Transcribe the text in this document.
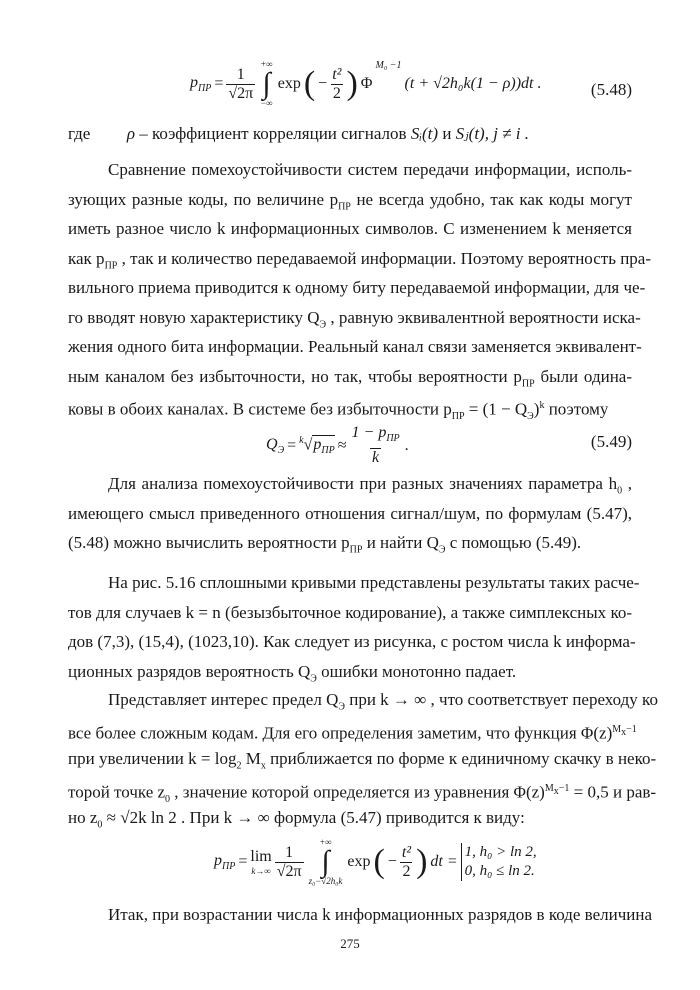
$p_{ПР} = \frac{1}{√2\pi}$
+∞
∫
−∞
exp ( − $\frac{\text{t²}}{2}$ ) Φ
M₀ −1
(t + √2h₀k(1 − ρ))dt .	(5.48)
где ρ – коэффициент корреляции сигналов Sᵢ(t) и Sⱼ(t), j ≠ i .
Сравнение помехоустойчивости систем передачи информации, исполь-
зующих разные коды, по величине $p_{ПР}$ не всегда удобно, так как коды могут
иметь разное число k информационных символов. С изменением k меняется
как $p_{ПР}$ , так и количество передаваемой информации. Поэтому вероятность пра-
вильного приема приводится к одному биту передаваемой информации, для че-
го вводят новую характеристику $Q_Э$ , равную эквивалентной вероятности иска-
жения одного бита информации. Реальный канал связи заменяется эквивалент-
ным каналом без избыточности, но так, чтобы вероятности $p_{ПР}$ были одина-
ковы в обоих каналах. В системе без избыточности $p_{ПР} = (1 - Q_Э)^k$ поэтому
$Q_Э = ^k√p_{ПР} \approx \frac{1 - p_{ПР}}{k}$ .	(5.49)
Для анализа помехоустойчивости при разных значениях параметра $h_0$ ,
имеющего смысл приведенного отношения сигнал/шум, по формулам (5.47),
(5.48) можно вычислить вероятности $p_{ПР}$ и найти $Q_Э$ с помощью (5.49).
На рис. 5.16 сплошными кривыми представлены результаты таких расче-
тов для случаев k = n (безызбыточное кодирование), а также симплексных ко-
дов (7,3), (15,4), (1023,10). Как следует из рисунка, с ростом числа k информа-
ционных разрядов вероятность $Q_Э$ ошибки монотонно падает.
Представляет интерес предел $Q_Э$ при k → ∞ , что соответствует переходу ко
все более сложным кодам. Для его определения заметим, что функция $\Phi(z)^{M_x-1}$
при увеличении $k = \log_2 M_x$ приближается по форме к единичному скачку в неко-
торой точке $z_0$ , значение которой определяется из уравнения $\Phi(z)^{M_x-1} = 0,5$ и рав-
но $z_0 \approx √2k$ ln 2 . При k → ∞ формула (5.47) приводится к виду:
$p_{ПР} = \lim$
$k\to\infty \frac{1}{√2\pi}$
+∞
∫
z₀−√2h₀k
exp ( − $\frac{\text{t²}}{2}$ ) dt =
1, h₀ > ln 2,
0, h₀ ≤ ln 2.
Итак, при возрастании числа k информационных разрядов в коде величина
275
